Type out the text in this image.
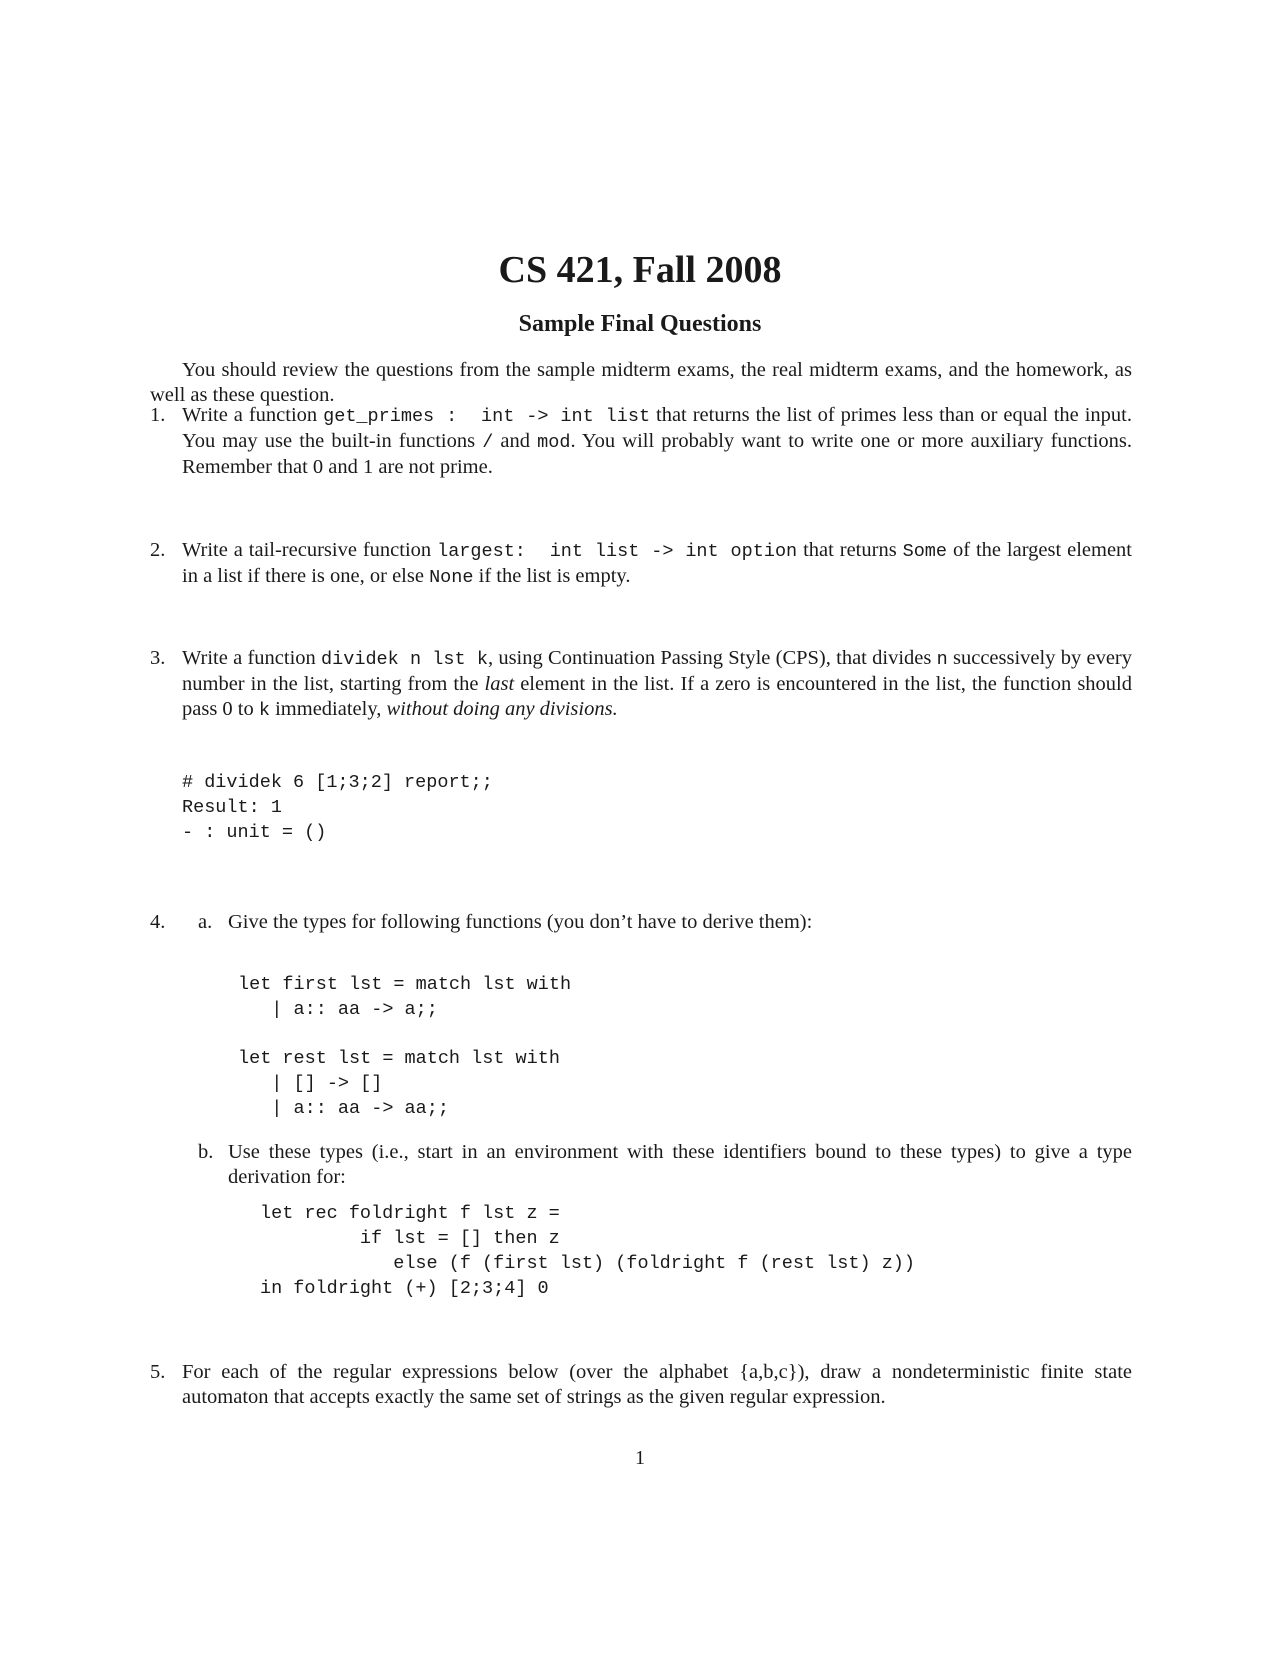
CS 421, Fall 2008
Sample Final Questions
You should review the questions from the sample midterm exams, the real midterm exams, and the homework, as well as these question.
1. Write a function get_primes :  int -> int list that returns the list of primes less than or equal the input. You may use the built-in functions / and mod. You will probably want to write one or more auxiliary functions. Remember that 0 and 1 are not prime.
2. Write a tail-recursive function largest:  int list -> int option that returns Some of the largest element in a list if there is one, or else None if the list is empty.
3. Write a function dividek n lst k, using Continuation Passing Style (CPS), that divides n successively by every number in the list, starting from the last element in the list. If a zero is encountered in the list, the function should pass 0 to k immediately, without doing any divisions.
# dividek 6 [1;3;2] report;;
Result: 1
- : unit = ()
4. a. Give the types for following functions (you don’t have to derive them):
let first lst = match lst with
| a:: aa -> a;;
let rest lst = match lst with
| [] -> []
| a:: aa -> aa;;
b. Use these types (i.e., start in an environment with these identifiers bound to these types) to give a type derivation for:
let rec foldright f lst z =
if lst = [] then z
else (f (first lst) (foldright f (rest lst) z))
in foldright (+) [2;3;4] 0
5. For each of the regular expressions below (over the alphabet {a,b,c}), draw a nondeterministic finite state automaton that accepts exactly the same set of strings as the given regular expression.
1
